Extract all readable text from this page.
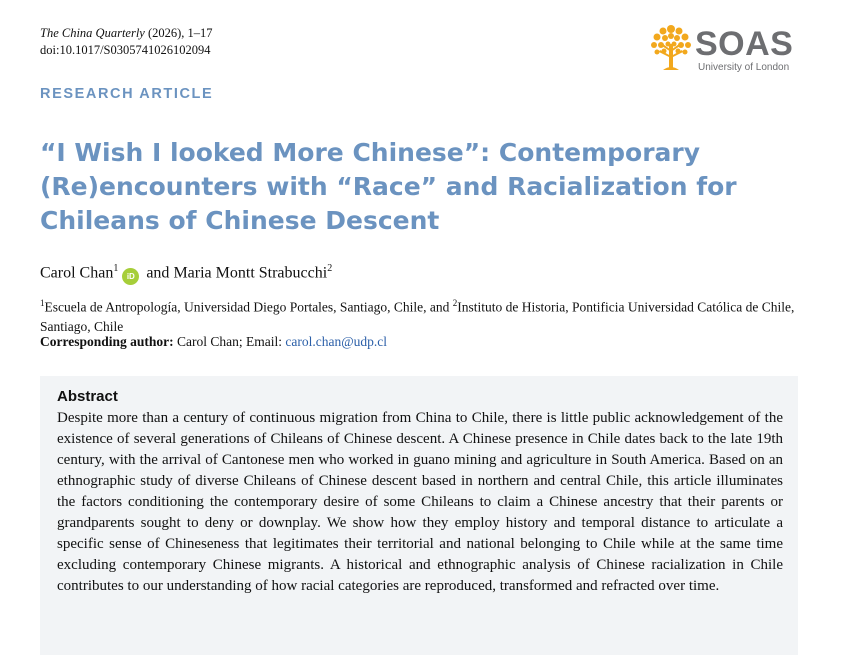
The China Quarterly (2026), 1–17
doi:10.1017/S0305741026102094	SOAS
University of London
RESEARCH ARTICLE
“I Wish I looked More Chinese”: Contemporary (Re)encounters with “Race” and Racialization for Chileans of Chinese Descent
Carol Chan$^1$iD and Maria Montt Strabucchi$^2$
$^1$Escuela de Antropología, Universidad Diego Portales, Santiago, Chile, and $^2$Instituto de Historia, Pontificia Universidad Católica de Chile, Santiago, Chile
Corresponding author: Carol Chan; Email: carol.chan@udp.cl
Abstract

Despite more than a century of continuous migration from China to Chile, there is little public acknowledgement of the existence of several generations of Chileans of Chinese descent. A Chinese presence in Chile dates back to the late 19th century, with the arrival of Cantonese men who worked in guano mining and agriculture in South America. Based on an ethnographic study of diverse Chileans of Chinese descent based in northern and central Chile, this article illuminates the factors conditioning the contemporary desire of some Chileans to claim a Chinese ancestry that their parents or grandparents sought to deny or downplay. We show how they employ history and temporal distance to articulate a specific sense of Chineseness that legitimates their territorial and national belonging to Chile while at the same time excluding contemporary Chinese migrants. A historical and ethnographic analysis of Chinese racialization in Chile contributes to our understanding of how racial categories are reproduced, transformed and refracted over time.
